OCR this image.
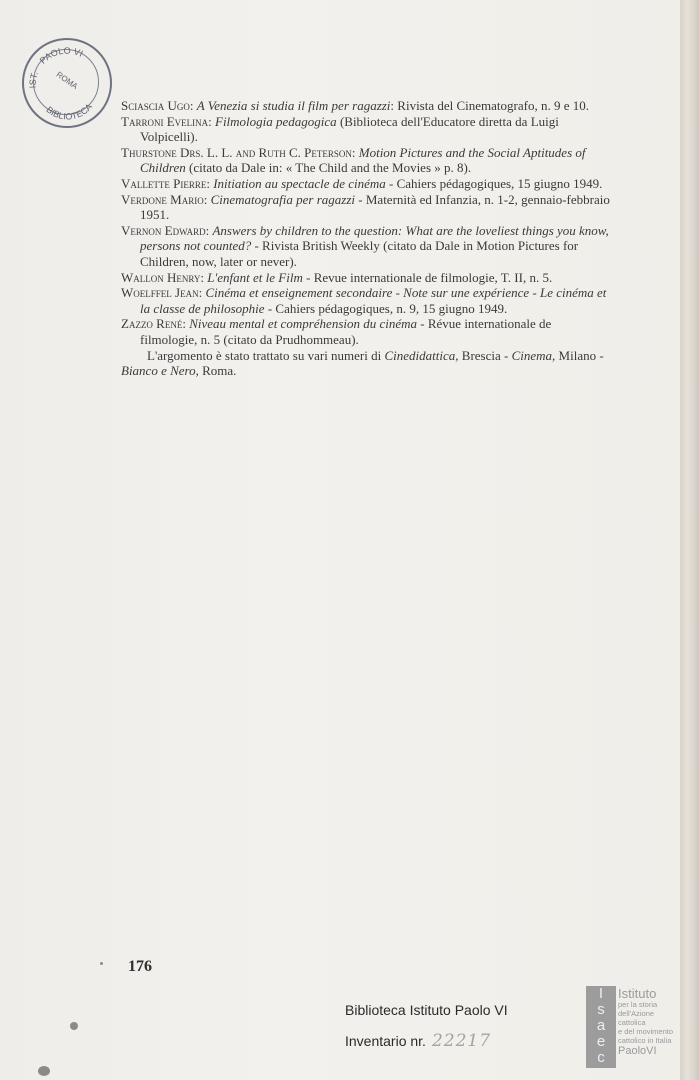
IST.PAOLO VI
BIBLIOTECA
ROMA
Sciascia Ugo: A Venezia si studia il film per ragazzi: Rivista del Cinematografo, n. 9 e 10.
Tarroni Evelina: Filmologia pedagogica (Biblioteca dell'Educatore diretta da Luigi Volpicelli).
Thurstone Drs. L. L. and Ruth C. Peterson: Motion Pictures and the Social Aptitudes of Children (citato da Dale in: « The Child and the Movies » p. 8).
Vallette Pierre: Initiation au spectacle de cinéma - Cahiers pédagogiques, 15 giugno 1949.
Verdone Mario: Cinematografia per ragazzi - Maternità ed Infanzia, n. 1-2, gennaio-febbraio 1951.
Vernon Edward: Answers by children to the question: What are the loveliest things you know, persons not counted? - Rivista British Weekly (citato da Dale in Motion Pictures for Children, now, later or never).
Wallon Henry: L'enfant et le Film - Revue internationale de filmologie, T. II, n. 5.
Woelffel Jean: Cinéma et enseignement secondaire - Note sur une expérience - Le cinéma et la classe de philosophie - Cahiers pédagogiques, n. 9, 15 giugno 1949.
Zazzo René: Niveau mental et compréhension du cinéma - Révue internationale de filmologie, n. 5 (citato da Prudhommeau).
L'argomento è stato trattato su vari numeri di Cinedidattica, Brescia - Cinema, Milano - Bianco e Nero, Roma.
176
Biblioteca Istituto Paolo VI
Inventario nr. 22217
I
s
a
e
c
Istituto
per la storia
dell'Azione cattolica
e del movimento
cattolico in Italia
PaoloVI
